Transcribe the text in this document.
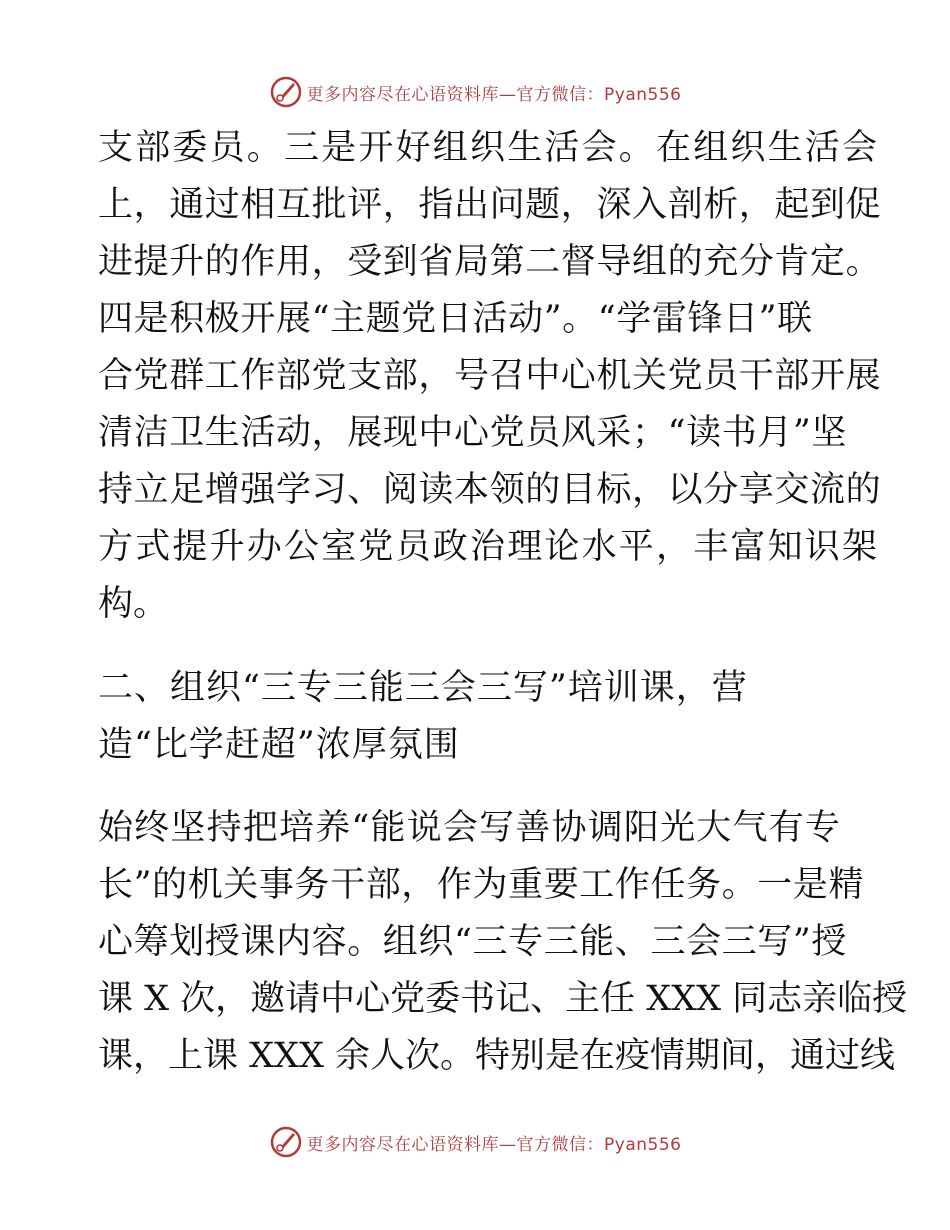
更多内容尽在心语资料库—官方微信：Pyan556
支部委员。三是开好组织生活会。在组织生活会
上，通过相互批评，指出问题，深入剖析，起到促
进提升的作用，受到省局第二督导组的充分肯定。
四是积极开展“主题党日活动”。“学雷锋日”联
合党群工作部党支部，号召中心机关党员干部开展
清洁卫生活动，展现中心党员风采；“读书月”坚
持立足增强学习、阅读本领的目标，以分享交流的
方式提升办公室党员政治理论水平，丰富知识架
构。
二、组织“三专三能三会三写”培训课，营
造“比学赶超”浓厚氛围
始终坚持把培养“能说会写善协调阳光大气有专
长”的机关事务干部，作为重要工作任务。一是精
心筹划授课内容。组织“三专三能、三会三写”授
课 X 次，邀请中心党委书记、主任 XXX 同志亲临授
课，上课 XXX 余人次。特别是在疫情期间，通过线
更多内容尽在心语资料库—官方微信：Pyan556
